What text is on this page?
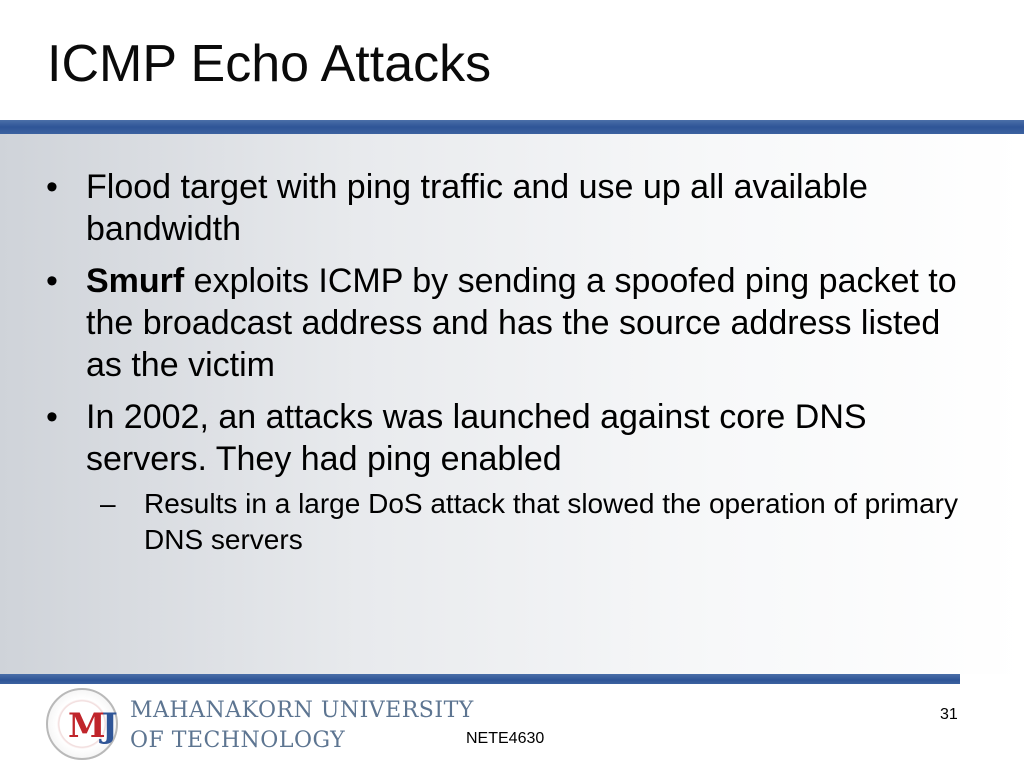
ICMP Echo Attacks
• Flood target with ping traffic and use up all available bandwidth
• Smurf exploits ICMP by sending a spoofed ping packet to the broadcast address and has the source address listed as the victim
• In 2002, an attacks was launched against core DNS servers. They had ping enabled
– Results in a large DoS attack that slowed the operation of primary DNS servers
MJ MAHANAKORN UNIVERSITY
OF TECHNOLOGY	NETE4630
31
